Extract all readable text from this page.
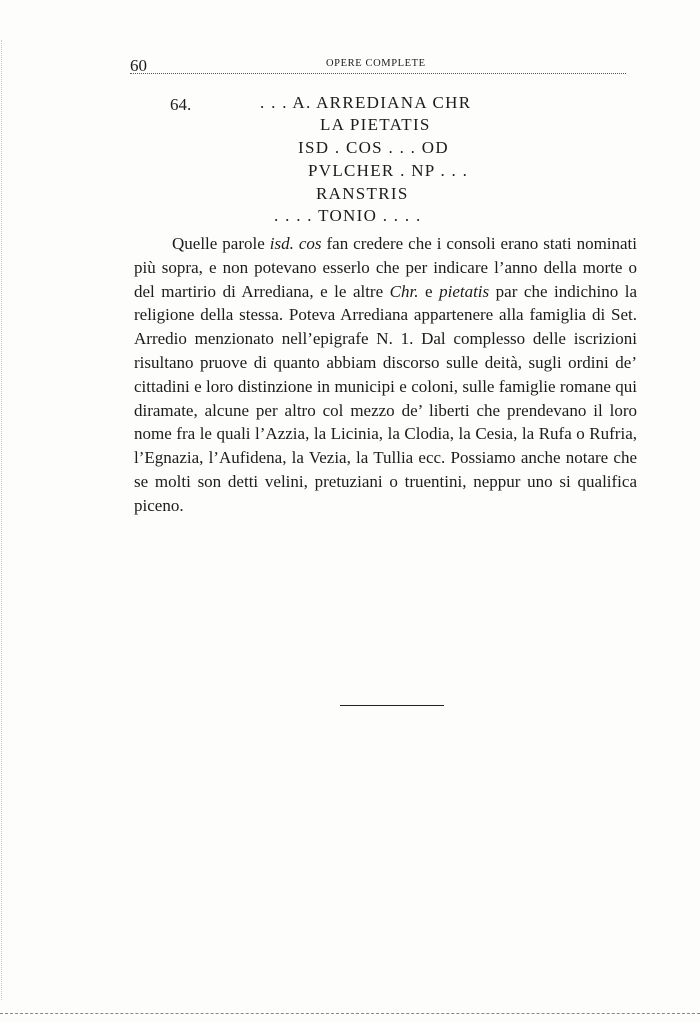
60	OPERE COMPLETE
64.	. . . A. ARREDIANA CHR
LA PIETATIS
ISD . COS . . . OD
PVLCHER . NP . . .
RANSTRIS
. . . . TONIO . . . .

Quelle parole isd. cos fan credere che i consoli erano stati nominati più sopra, e non potevano esserlo che per indicare l’anno della morte o del martirio di Arrediana, e le altre Chr. e pietatis par che indichino la religione della stessa. Poteva Arrediana appartenere alla famiglia di Set. Arredio menzionato nell’epigrafe N. 1. Dal complesso delle iscrizioni risultano pruove di quanto abbiam discorso sulle deità, sugli ordini de’ cittadini e loro distinzione in municipi e coloni, sulle famiglie romane qui diramate, alcune per altro col mezzo de’ liberti che prendevano il loro nome fra le quali l’Azzia, la Licinia, la Clodia, la Cesia, la Rufa o Rufria, l’Egnazia, l’Aufidena, la Vezia, la Tullia ecc. Possiamo anche notare che se molti son detti velini, pretuziani o truentini, neppur uno si qualifica piceno.
